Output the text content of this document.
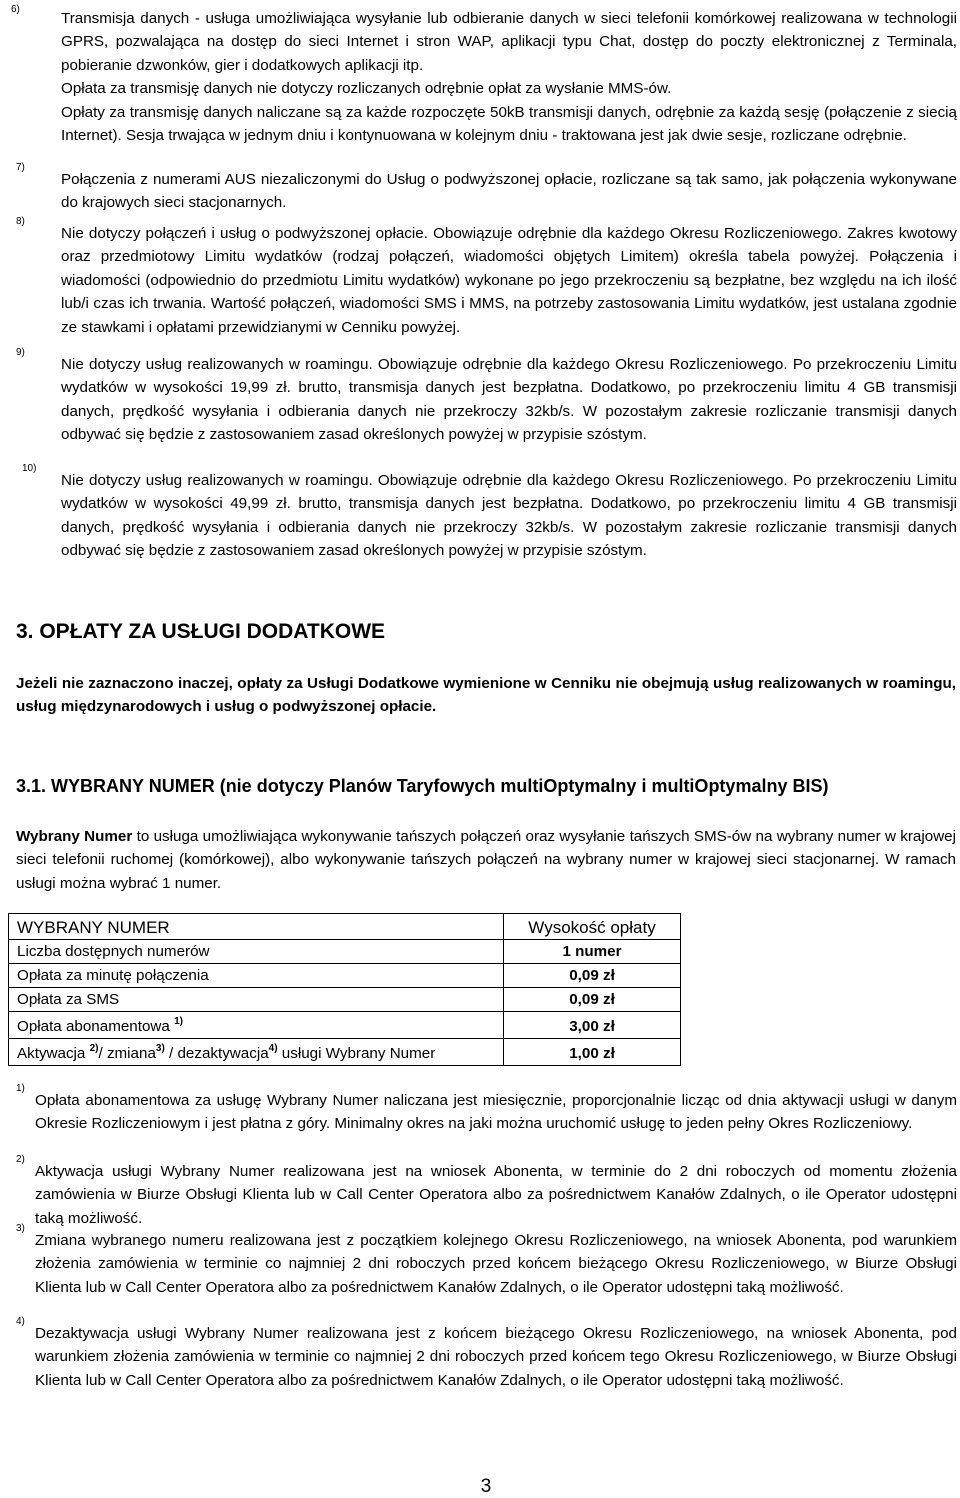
6)

Transmisja danych - usługa umożliwiająca wysyłanie lub odbieranie danych w sieci telefonii komórkowej realizowana w technologii GPRS, pozwalająca na dostęp do sieci Internet i stron WAP, aplikacji typu Chat, dostęp do poczty elektronicznej z Terminala, pobieranie dzwonków, gier i dodatkowych aplikacji itp.

Opłata za transmisję danych nie dotyczy rozliczanych odrębnie opłat za wysłanie MMS-ów.

Opłaty za transmisję danych naliczane są za każde rozpoczęte 50kB transmisji danych, odrębnie za każdą sesję (połączenie z siecią Internet). Sesja trwająca w jednym dniu i kontynuowana w kolejnym dniu - traktowana jest jak dwie sesje, rozliczane odrębnie.

7)

Połączenia z numerami AUS niezaliczonymi do Usług o podwyższonej opłacie, rozliczane są tak samo, jak połączenia wykonywane do krajowych sieci stacjonarnych.

8)

Nie dotyczy połączeń i usług o podwyższonej opłacie. Obowiązuje odrębnie dla każdego Okresu Rozliczeniowego. Zakres kwotowy oraz przedmiotowy Limitu wydatków (rodzaj połączeń, wiadomości objętych Limitem) określa tabela powyżej. Połączenia i wiadomości (odpowiednio do przedmiotu Limitu wydatków) wykonane po jego przekroczeniu są bezpłatne, bez względu na ich ilość lub/i czas ich trwania. Wartość połączeń, wiadomości SMS i MMS, na potrzeby zastosowania Limitu wydatków, jest ustalana zgodnie ze stawkami i opłatami przewidzianymi w Cenniku powyżej.

9)

Nie dotyczy usług realizowanych w roamingu. Obowiązuje odrębnie dla każdego Okresu Rozliczeniowego. Po przekroczeniu Limitu wydatków w wysokości 19,99 zł. brutto, transmisja danych jest bezpłatna. Dodatkowo, po przekroczeniu limitu 4 GB transmisji danych, prędkość wysyłania i odbierania danych nie przekroczy 32kb/s. W pozostałym zakresie rozliczanie transmisji danych odbywać się będzie z zastosowaniem zasad określonych powyżej w przypisie szóstym.

10)

Nie dotyczy usług realizowanych w roamingu. Obowiązuje odrębnie dla każdego Okresu Rozliczeniowego. Po przekroczeniu Limitu wydatków w wysokości 49,99 zł. brutto, transmisja danych jest bezpłatna. Dodatkowo, po przekroczeniu limitu 4 GB transmisji danych, prędkość wysyłania i odbierania danych nie przekroczy 32kb/s. W pozostałym zakresie rozliczanie transmisji danych odbywać się będzie z zastosowaniem zasad określonych powyżej w przypisie szóstym.

3. OPŁATY ZA USŁUGI DODATKOWE
Jeżeli nie zaznaczono inaczej, opłaty za Usługi Dodatkowe wymienione w Cenniku nie obejmują usług realizowanych w roamingu, usług międzynarodowych i usług o podwyższonej opłacie.
3.1. WYBRANY NUMER (nie dotyczy Planów Taryfowych multiOptymalny i multiOptymalny BIS)
Wybrany Numer to usługa umożliwiająca wykonywanie tańszych połączeń oraz wysyłanie tańszych SMS-ów na wybrany numer w krajowej sieci telefonii ruchomej (komórkowej), albo wykonywanie tańszych połączeń na wybrany numer w krajowej sieci stacjonarnej. W ramach usługi można wybrać 1 numer.
WYBRANY NUMER	Wysokość opłaty
Liczba dostępnych numerów	1 numer
Opłata za minutę połączenia	0,09 zł
Opłata za SMS	0,09 zł
Opłata abonamentowa $^{1)}$	3,00 zł
Aktywacja $^{2)}$/ zmiana$^{3)}$ / dezaktywacja$^{4)}$ usługi Wybrany Numer	1,00 zł
1)
Opłata abonamentowa za usługę Wybrany Numer naliczana jest miesięcznie, proporcjonalnie licząc od dnia aktywacji usługi w danym Okresie Rozliczeniowym i jest płatna z góry. Minimalny okres na jaki można uruchomić usługę to jeden pełny Okres Rozliczeniowy.
2)
Aktywacja usługi Wybrany Numer realizowana jest na wniosek Abonenta, w terminie do 2 dni roboczych od momentu złożenia zamówienia w Biurze Obsługi Klienta lub w Call Center Operatora albo za pośrednictwem Kanałów Zdalnych, o ile Operator udostępni taką możliwość.
3)
Zmiana wybranego numeru realizowana jest z początkiem kolejnego Okresu Rozliczeniowego, na wniosek Abonenta, pod warunkiem złożenia zamówienia w terminie co najmniej 2 dni roboczych przed końcem bieżącego Okresu Rozliczeniowego, w Biurze Obsługi Klienta lub w Call Center Operatora albo za pośrednictwem Kanałów Zdalnych, o ile Operator udostępni taką możliwość.
4)
Dezaktywacja usługi Wybrany Numer realizowana jest z końcem bieżącego Okresu Rozliczeniowego, na wniosek Abonenta, pod warunkiem złożenia zamówienia w terminie co najmniej 2 dni roboczych przed końcem tego Okresu Rozliczeniowego, w Biurze Obsługi Klienta lub w Call Center Operatora albo za pośrednictwem Kanałów Zdalnych, o ile Operator udostępni taką możliwość.
3
